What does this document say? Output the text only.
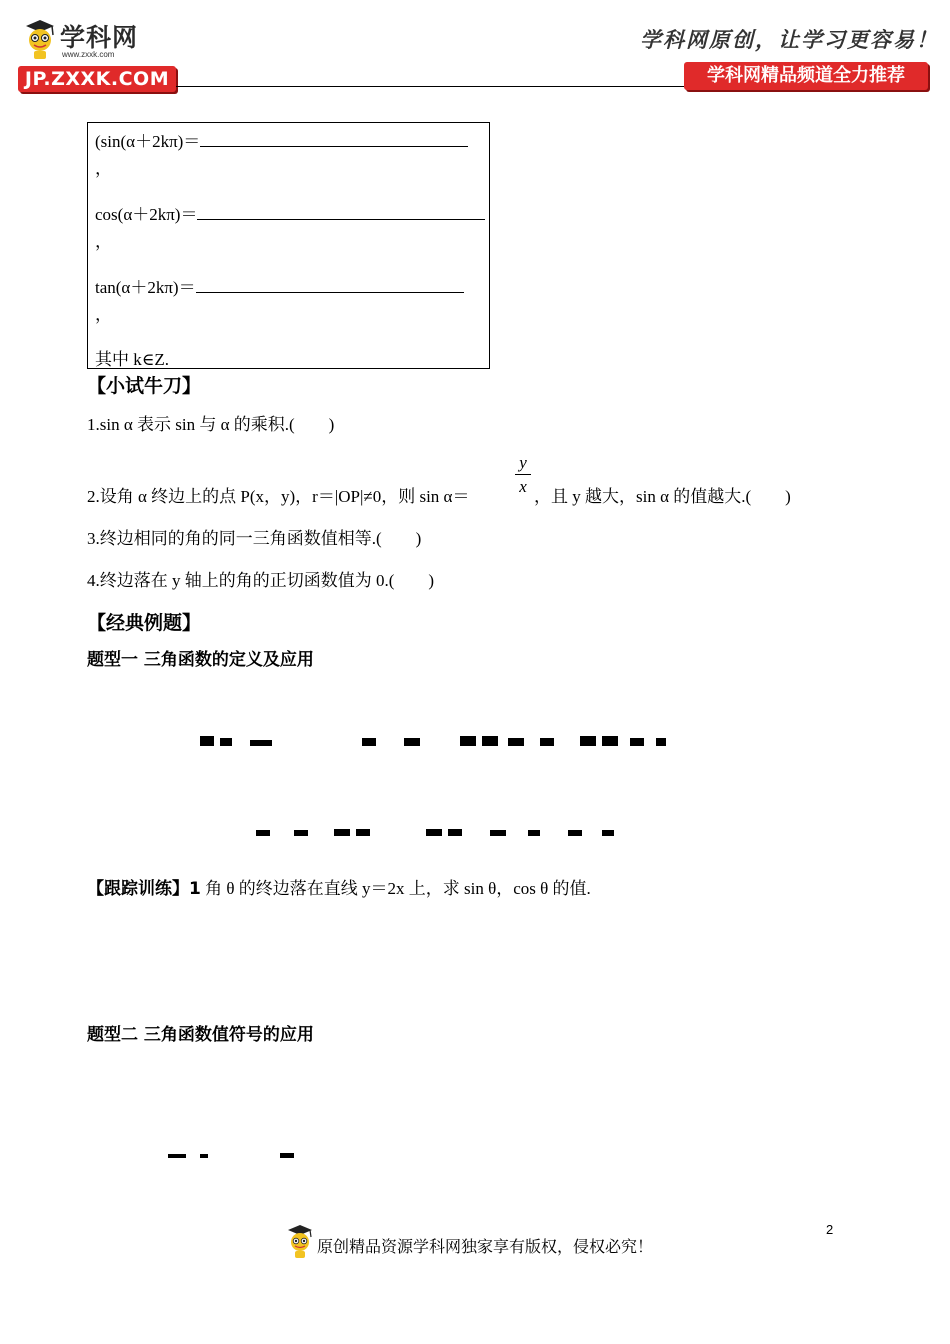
学科网
www.zxxk.com
JP.ZXXK.COM
学科网原创，让学习更容易！
学科网精品频道全力推荐
(sin(α＋2kπ)＝
，
cos(α＋2kπ)＝
，
tan(α＋2kπ)＝
，
其中 k∈Z.
【小试牛刀】
1.sin α 表示 sin 与 α 的乘积.(　　)
2.设角 α 终边上的点 P(x，y)，r＝|OP|≠0，则 sin α＝
y
x
，且 y 越大，sin α 的值越大.(　　)
3.终边相同的角的同一三角函数值相等.(　　)
4.终边落在 y 轴上的角的正切函数值为 0.(　　)
【经典例题】
题型一 三角函数的定义及应用
【跟踪训练】1 角 θ 的终边落在直线 y＝2x 上，求 sin θ，cos θ 的值.
题型二 三角函数值符号的应用
原创精品资源学科网独家享有版权，侵权必究！
2
